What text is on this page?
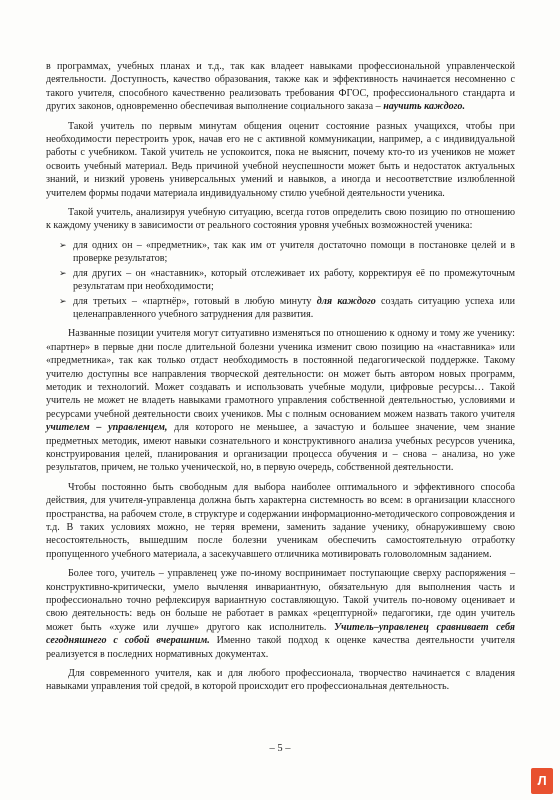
в программах, учебных планах и т.д., так как владеет навыками профессиональной управленческой деятельности. Доступность, качество образования, также как и эффективность начинается несомненно с такого учителя, способного качественно реализовать требования ФГОС, профессионального стандарта и других законов, одновременно обеспечивая выполнение социального заказа – научить каждого.

Такой учитель по первым минутам общения оценит состояние разных учащихся, чтобы при необходимости перестроить урок, начав его не с активной коммуникации, например, а с индивидуальной работы с учебником. Такой учитель не успокоится, пока не выяснит, почему кто-то из учеников не может освоить учебный материал. Ведь причиной учебной неуспешности может быть и недостаток актуальных знаний, и низкий уровень универсальных умений и навыков, а иногда и несоответствие излюбленной учителем формы подачи материала индивидуальному стилю учебной деятельности ученика.

Такой учитель, анализируя учебную ситуацию, всегда готов определить свою позицию по отношению к каждому ученику в зависимости от реального состояния уровня учебных возможностей ученика:

➢ для одних он – «предметник», так как им от учителя достаточно помощи в постановке целей и в проверке результатов;
➢ для других – он «наставник», который отслеживает их работу, корректируя её по промежуточным результатам при необходимости;
➢ для третьих – «партнёр», готовый в любую минуту для каждого создать ситуацию успеха или целенаправленного учебного затруднения для развития.

Названные позиции учителя могут ситуативно изменяться по отношению к одному и тому же ученику: «партнер» в первые дни после длительной болезни ученика изменит свою позицию на «наставника» или «предметника», так как только отдаст необходимость в постоянной педагогической поддержке. Такому учителю доступны все направления творческой деятельности: он может быть автором новых программ, методик и технологий. Может создавать и использовать учебные модули, цифровые ресурсы… Такой учитель не может не владеть навыками грамотного управления собственной деятельностью, условиями и ресурсами учебной деятельности своих учеников. Мы с полным основанием можем назвать такого учителя учителем – управленцем, для которого не меньшее, а зачастую и большее значение, чем знание предметных методик, имеют навыки сознательного и конструктивного анализа учебных ресурсов ученика, конструирования целей, планирования и организации процесса обучения и – снова – анализа, но уже результатов, причем, не только ученической, но, в первую очередь, собственной деятельности.

Чтобы постоянно быть свободным для выбора наиболее оптимального и эффективного способа действия, для учителя-управленца должна быть характерна системность во всем: в организации классного пространства, на рабочем столе, в структуре и содержании информационно-методического сопровождения и т.д. В таких условиях можно, не теряя времени, заменить задание ученику, обнаружившему свою несостоятельность, вышедшим после болезни ученикам обеспечить самостоятельную отработку пропущенного учебного материала, а засекучавшего отличника мотивировать головоломным заданием.

Более того, учитель – управленец уже по-иному воспринимает поступающие сверху распоряжения – конструктивно-критически, умело вычленяя инвариантную, обязательную для выполнения часть и профессионально точно рефлексируя вариантную составляющую. Такой учитель по-новому оценивает и свою деятельность: ведь он больше не работает в рамках «рецептурной» педагогики, где один учитель может быть «хуже или лучше» другого как исполнитель. Учитель–управленец сравнивает себя сегодняшнего с собой вчерашним. Именно такой подход к оценке качества деятельности учителя реализуется в последних нормативных документах.

Для современного учителя, как и для любого профессионала, творчество начинается с владения навыками управления той средой, в которой происходит его профессиональная деятельность.

– 5 –
Л
